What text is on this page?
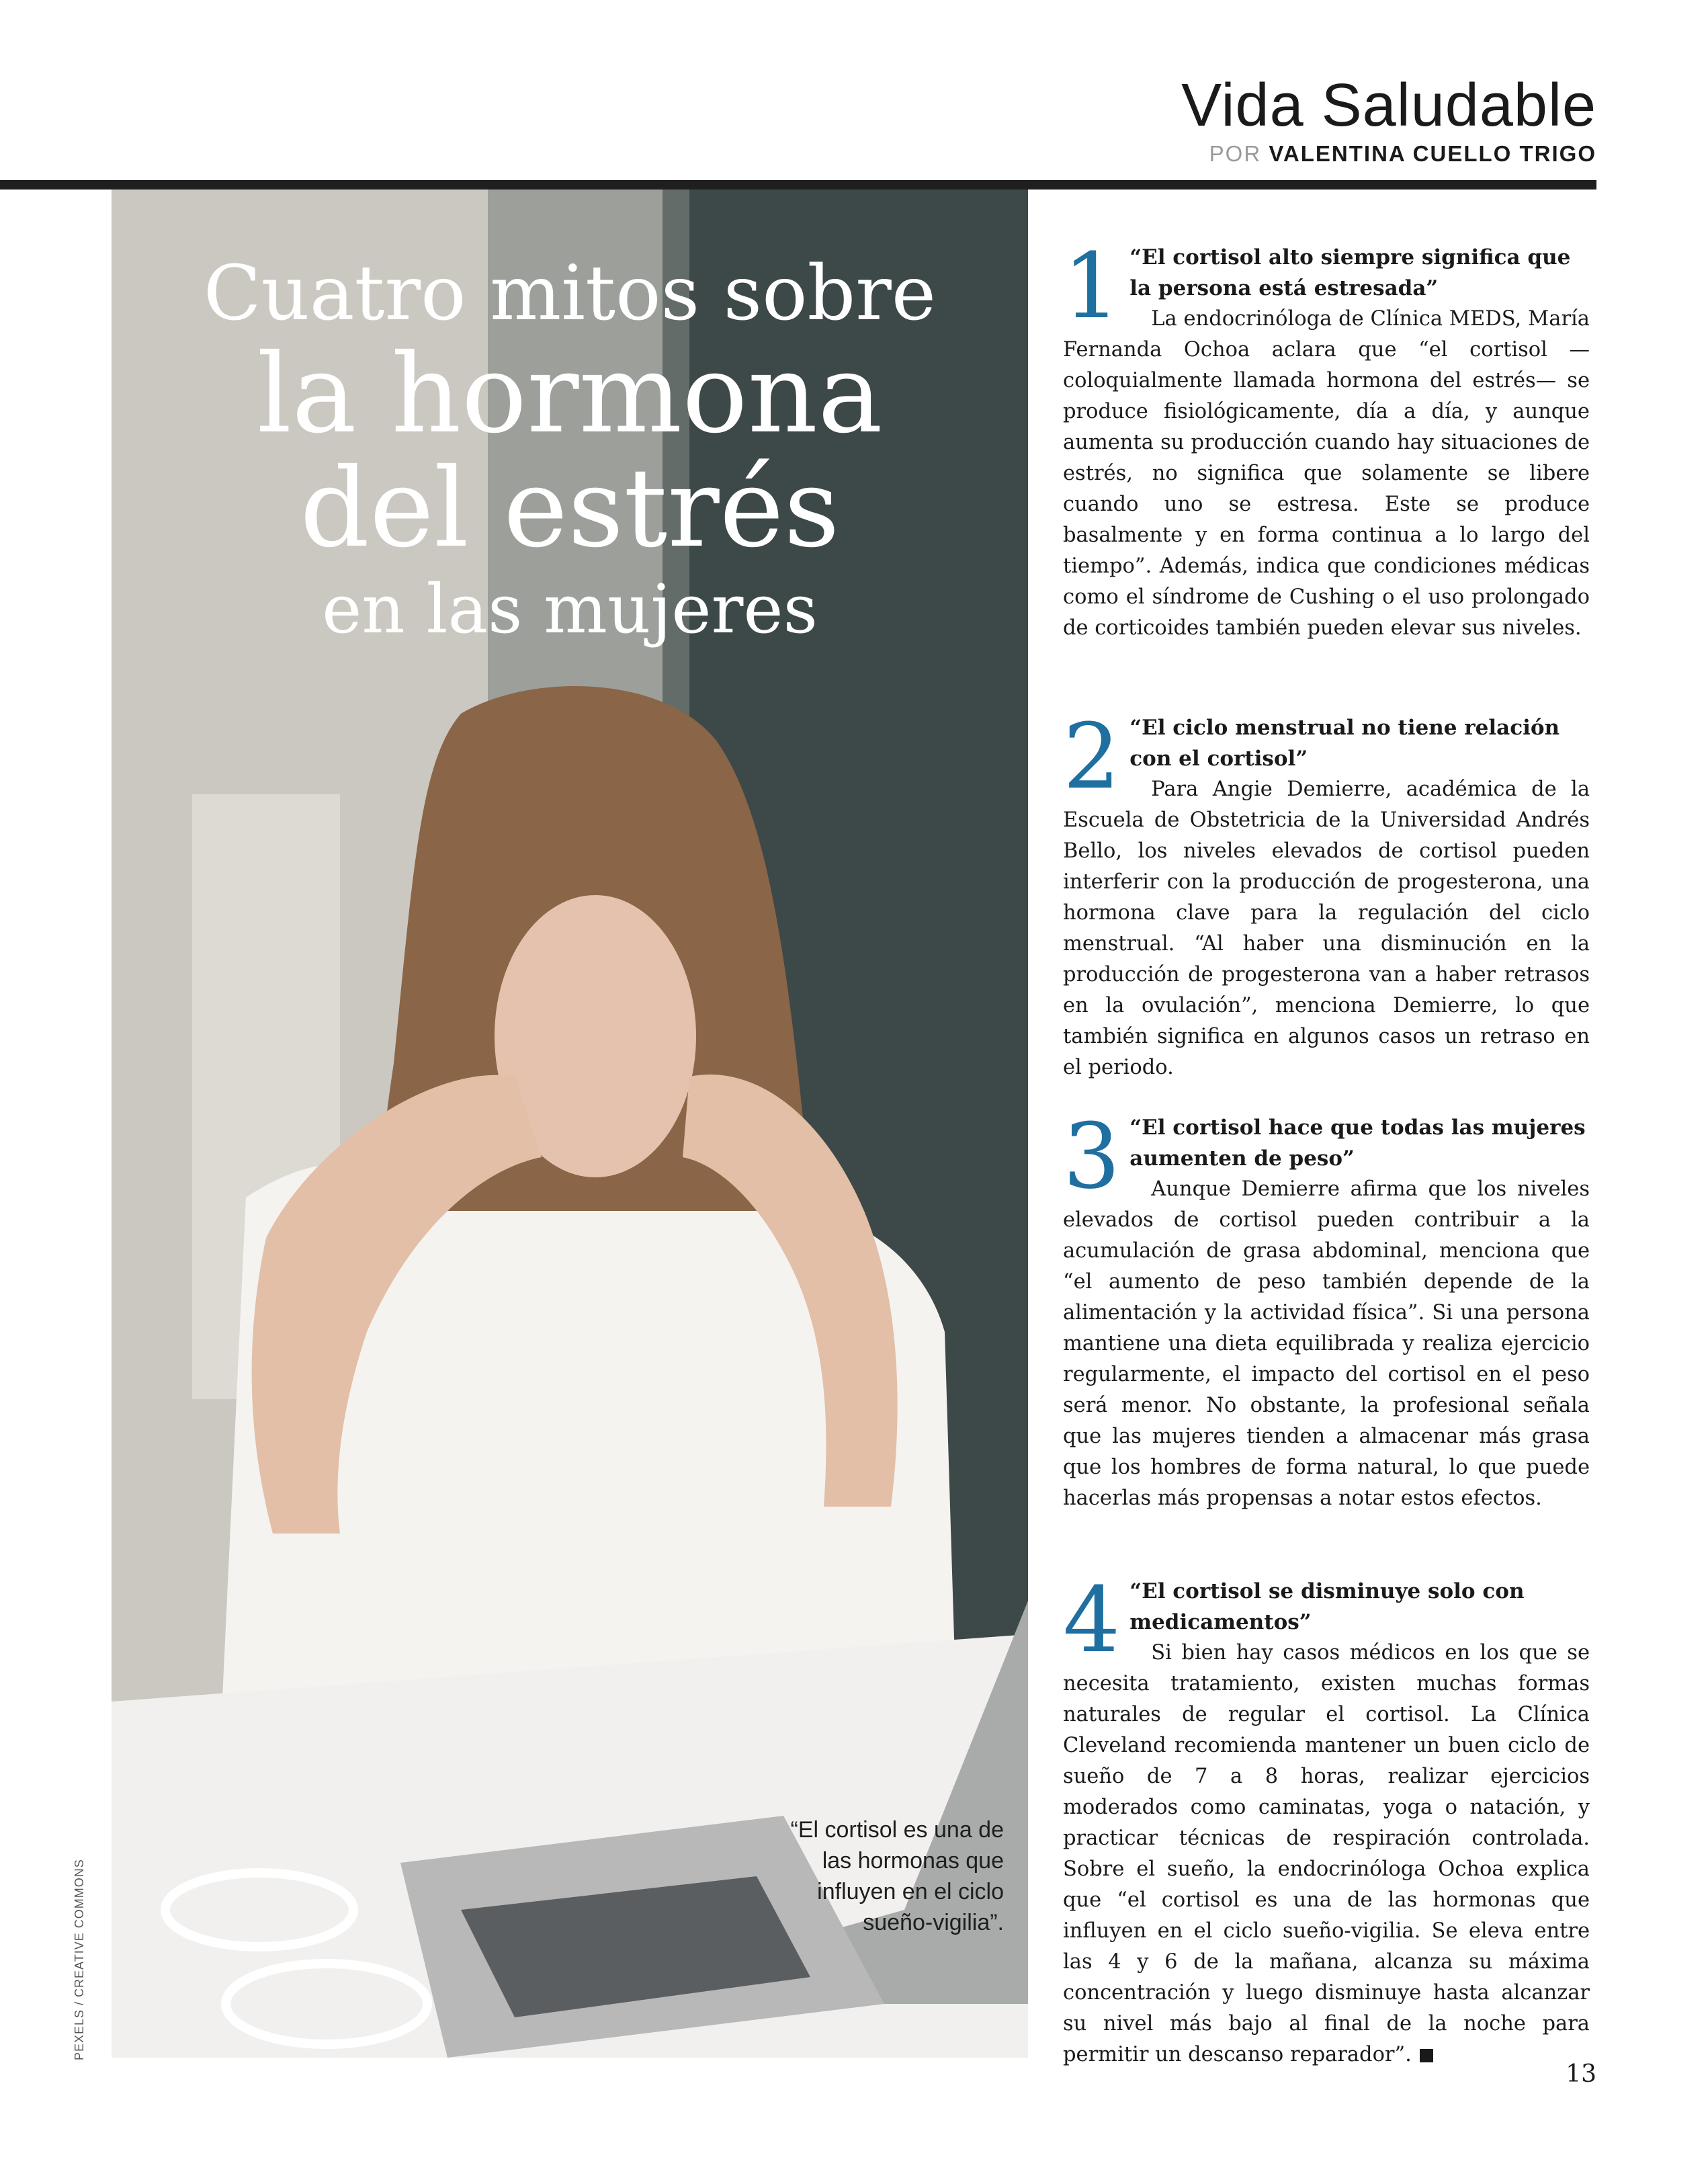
Vida Saludable
POR VALENTINA CUELLO TRIGO
Cuatro mitos sobre
la hormona
del estrés
en las mujeres

“El cortisol es una de las hormonas que influyen en el ciclo sueño-vigilia”.

PEXELS / CREATIVE COMMONS
1 “El cortisol alto siempre significa que la persona está estresada”

La endocrinóloga de Clínica MEDS, María Fernanda Ochoa aclara que “el cortisol —coloquialmente llamada hormona del estrés— se produce fisiológicamente, día a día, y aunque aumenta su producción cuando hay situaciones de estrés, no significa que solamente se libere cuando uno se estresa. Este se produce basalmente y en forma continua a lo largo del tiempo”. Además, indica que condiciones médicas como el síndrome de Cushing o el uso prolongado de corticoides también pueden elevar sus niveles.

2 “El ciclo menstrual no tiene relación con el cortisol”

Para Angie Demierre, académica de la Escuela de Obstetricia de la Universidad Andrés Bello, los niveles elevados de cortisol pueden interferir con la producción de progesterona, una hormona clave para la regulación del ciclo menstrual. “Al haber una disminución en la producción de progesterona van a haber retrasos en la ovulación”, menciona Demierre, lo que también significa en algunos casos un retraso en el periodo.

3 “El cortisol hace que todas las mujeres aumenten de peso”

Aunque Demierre afirma que los niveles elevados de cortisol pueden contribuir a la acumulación de grasa abdominal, menciona que “el aumento de peso también depende de la alimentación y la actividad física”. Si una persona mantiene una dieta equilibrada y realiza ejercicio regularmente, el impacto del cortisol en el peso será menor. No obstante, la profesional señala que las mujeres tienden a almacenar más grasa que los hombres de forma natural, lo que puede hacerlas más propensas a notar estos efectos.

4 “El cortisol se disminuye solo con medicamentos”

Si bien hay casos médicos en los que se necesita tratamiento, existen muchas formas naturales de regular el cortisol. La Clínica Cleveland recomienda mantener un buen ciclo de sueño de 7 a 8 horas, realizar ejercicios moderados como caminatas, yoga o natación, y practicar técnicas de respiración controlada. Sobre el sueño, la endocrinóloga Ochoa explica que “el cortisol es una de las hormonas que influyen en el ciclo sueño-vigilia. Se eleva entre las 4 y 6 de la mañana, alcanza su máxima concentración y luego disminuye hasta alcanzar su nivel más bajo al final de la noche para permitir un descanso reparador”.

13
